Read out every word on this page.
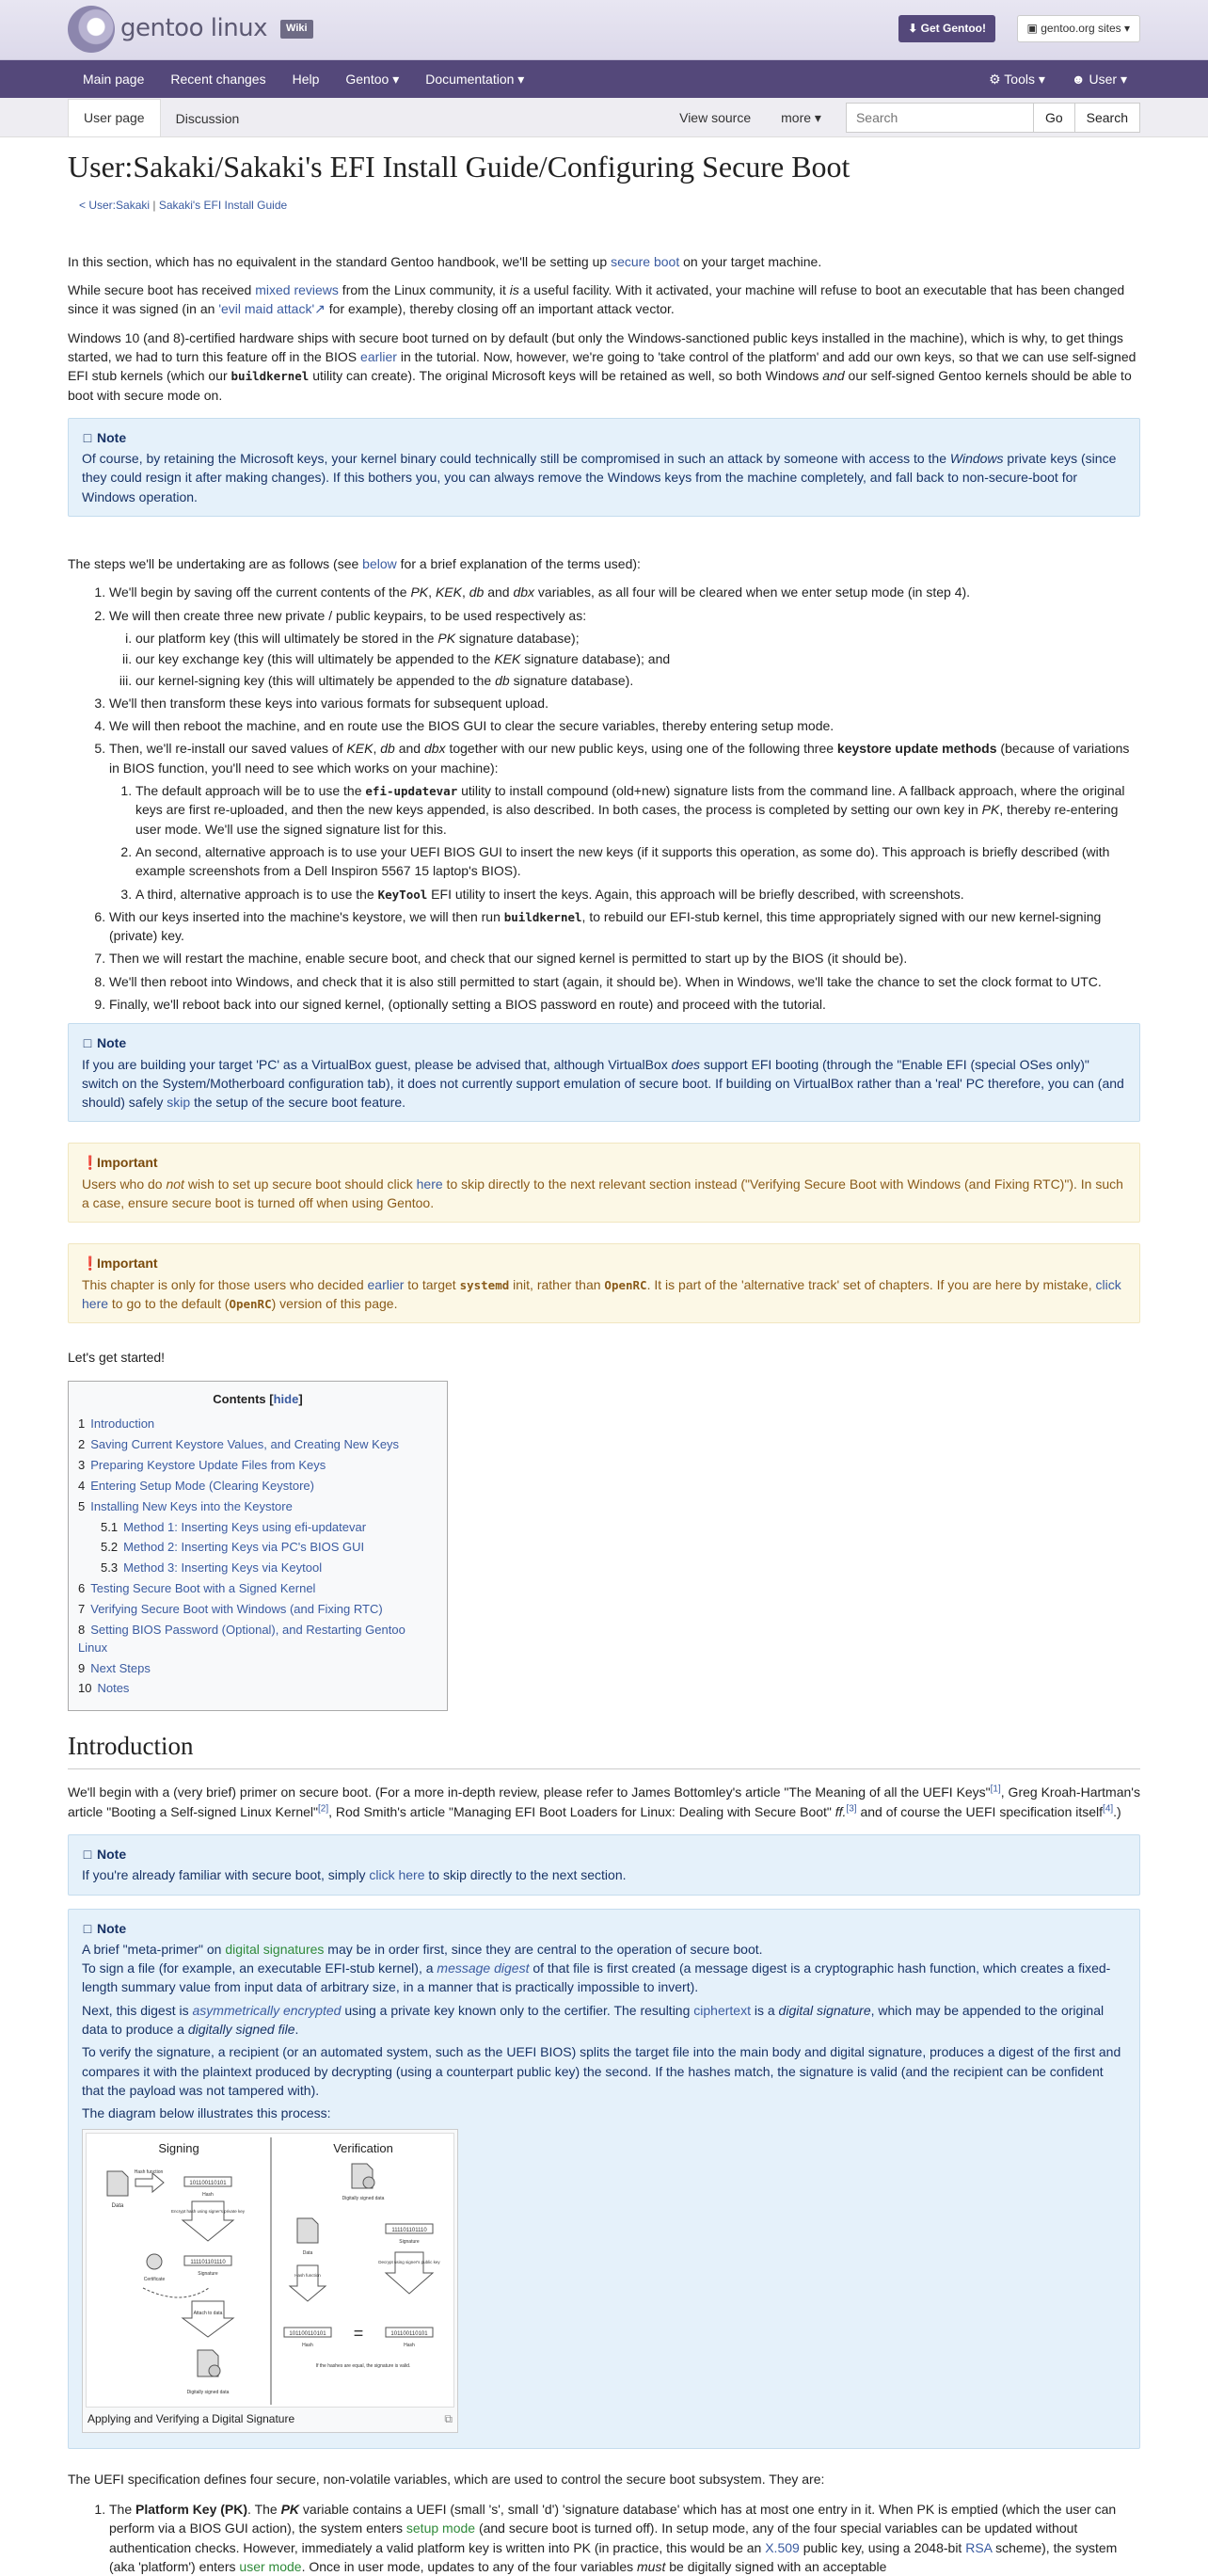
gentoo linux	Wiki	⬇ Get Gentoo!	▣ gentoo.org sites ▾
Main page	Recent changes	Help	Gentoo ▾	Documentation ▾	⚙ Tools ▾	☻ User ▾
User page	Discussion	View source	more ▾
Search	Go	Search
User:Sakaki/Sakaki's EFI Install Guide/Configuring Secure Boot
< User:Sakaki | Sakaki's EFI Install Guide

In this section, which has no equivalent in the standard Gentoo handbook, we'll be setting up secure boot on your target machine.

While secure boot has received mixed reviews from the Linux community, it is a useful facility. With it activated, your machine will refuse to boot an executable that has been changed since it was signed (in an 'evil maid attack'↗ for example), thereby closing off an important attack vector.

Windows 10 (and 8)-certified hardware ships with secure boot turned on by default (but only the Windows-sanctioned public keys installed in the machine), which is why, to get things started, we had to turn this feature off in the BIOS earlier in the tutorial. Now, however, we're going to 'take control of the platform' and add our own keys, so that we can use self-signed EFI stub kernels (which our buildkernel utility can create). The original Microsoft keys will be retained as well, so both Windows and our self-signed Gentoo kernels should be able to boot with secure mode on.

□ Note
Of course, by retaining the Microsoft keys, your kernel binary could technically still be compromised in such an attack by someone with access to the Windows private keys (since they could resign it after making changes). If this bothers you, you can always remove the Windows keys from the machine completely, and fall back to non-secure-boot for Windows operation.

The steps we'll be undertaking are as follows (see below for a brief explanation of the terms used):

1. We'll begin by saving off the current contents of the PK, KEK, db and dbx variables, as all four will be cleared when we enter setup mode (in step 4).
2. We will then create three new private / public keypairs, to be used respectively as:
i. our platform key (this will ultimately be stored in the PK signature database);
ii. our key exchange key (this will ultimately be appended to the KEK signature database); and
iii. our kernel-signing key (this will ultimately be appended to the db signature database).
3. We'll then transform these keys into various formats for subsequent upload.
4. We will then reboot the machine, and en route use the BIOS GUI to clear the secure variables, thereby entering setup mode.
5. Then, we'll re-install our saved values of KEK, db and dbx together with our new public keys, using one of the following three keystore update methods (because of variations in BIOS function, you'll need to see which works on your machine):
1. The default approach will be to use the efi-updatevar utility to install compound (old+new) signature lists from the command line. A fallback approach, where the original keys are first re-uploaded, and then the new keys appended, is also described. In both cases, the process is completed by setting our own key in PK, thereby re-entering user mode. We'll use the signed signature list for this.
2. An second, alternative approach is to use your UEFI BIOS GUI to insert the new keys (if it supports this operation, as some do). This approach is briefly described (with example screenshots from a Dell Inspiron 5567 15 laptop's BIOS).
3. A third, alternative approach is to use the KeyTool EFI utility to insert the keys. Again, this approach will be briefly described, with screenshots.
6. With our keys inserted into the machine's keystore, we will then run buildkernel, to rebuild our EFI-stub kernel, this time appropriately signed with our new kernel-signing (private) key.
7. Then we will restart the machine, enable secure boot, and check that our signed kernel is permitted to start up by the BIOS (it should be).
8. We'll then reboot into Windows, and check that it is also still permitted to start (again, it should be). When in Windows, we'll take the chance to set the clock format to UTC.
9. Finally, we'll reboot back into our signed kernel, (optionally setting a BIOS password en route) and proceed with the tutorial.
□ Note
If you are building your target 'PC' as a VirtualBox guest, please be advised that, although VirtualBox does support EFI booting (through the "Enable EFI (special OSes only)" switch on the System/Motherboard configuration tab), it does not currently support emulation of secure boot. If building on VirtualBox rather than a 'real' PC therefore, you can (and should) safely skip the setup of the secure boot feature.
❗Important
Users who do not wish to set up secure boot should click here to skip directly to the next relevant section instead ("Verifying Secure Boot with Windows (and Fixing RTC)"). In such a case, ensure secure boot is turned off when using Gentoo.
❗Important
This chapter is only for those users who decided earlier to target systemd init, rather than OpenRC. It is part of the 'alternative track' set of chapters. If you are here by mistake, click here to go to the default (OpenRC) version of this page.

Let's get started!

Contents [hide]
1 Introduction
2 Saving Current Keystore Values, and Creating New Keys
3 Preparing Keystore Update Files from Keys
4 Entering Setup Mode (Clearing Keystore)
5 Installing New Keys into the Keystore
5.1 Method 1: Inserting Keys using efi-updatevar
5.2 Method 2: Inserting Keys via PC's BIOS GUI
5.3 Method 3: Inserting Keys via Keytool
6 Testing Secure Boot with a Signed Kernel
7 Verifying Secure Boot with Windows (and Fixing RTC)
8 Setting BIOS Password (Optional), and Restarting Gentoo Linux
9 Next Steps
10 Notes
Introduction

We'll begin with a (very brief) primer on secure boot. (For a more in-depth review, please refer to James Bottomley's article "The Meaning of all the UEFI Keys"[1], Greg Kroah-Hartman's article "Booting a Self-signed Linux Kernel"[2], Rod Smith's article "Managing EFI Boot Loaders for Linux: Dealing with Secure Boot" ff.[3] and of course the UEFI specification itself[4].)

□ Note
If you're already familiar with secure boot, simply click here to skip directly to the next section.
□ Note
A brief "meta-primer" on digital signatures may be in order first, since they are central to the operation of secure boot.
To sign a file (for example, an executable EFI-stub kernel), a message digest of that file is first created (a message digest is a cryptographic hash function, which creates a fixed-length summary value from input data of arbitrary size, in a manner that is practically impossible to invert).
Next, this digest is asymmetrically encrypted using a private key known only to the certifier. The resulting ciphertext is a digital signature, which may be appended to the original data to produce a digitally signed file.
To verify the signature, a recipient (or an automated system, such as the UEFI BIOS) splits the target file into the main body and digital signature, produces a digest of the first and compares it with the plaintext produced by decrypting (using a counterpart public key) the second. If the hashes match, the signature is valid (and the recipient can be confident that the payload was not tampered with).
The diagram below illustrates this process:
Signing	Verification
Data
Hash function
101100110101
Hash
Encrypt hash using signer's private key
Certificate
111101101110
Signature
Attach to data
Digitally signed data
Digitally signed data
Data
111101101110
Signature
Hash function
Decrypt using signer's public key
101100110101
Hash
=	101100110101
Hash
If the hashes are equal, the signature is valid.
Applying and Verifying a Digital Signature	⧉

The UEFI specification defines four secure, non-volatile variables, which are used to control the secure boot subsystem. They are:

1. The Platform Key (PK). The PK variable contains a UEFI (small 's', small 'd') 'signature database' which has at most one entry in it. When PK is emptied (which the user can perform via a BIOS GUI action), the system enters setup mode (and secure boot is turned off). In setup mode, any of the four special variables can be updated without authentication checks. However, immediately a valid platform key is written into PK (in practice, this would be an X.509 public key, using a 2048-bit RSA scheme), the system (aka 'platform') enters user mode. Once in user mode, updates to any of the four variables must be digitally signed with an acceptable
